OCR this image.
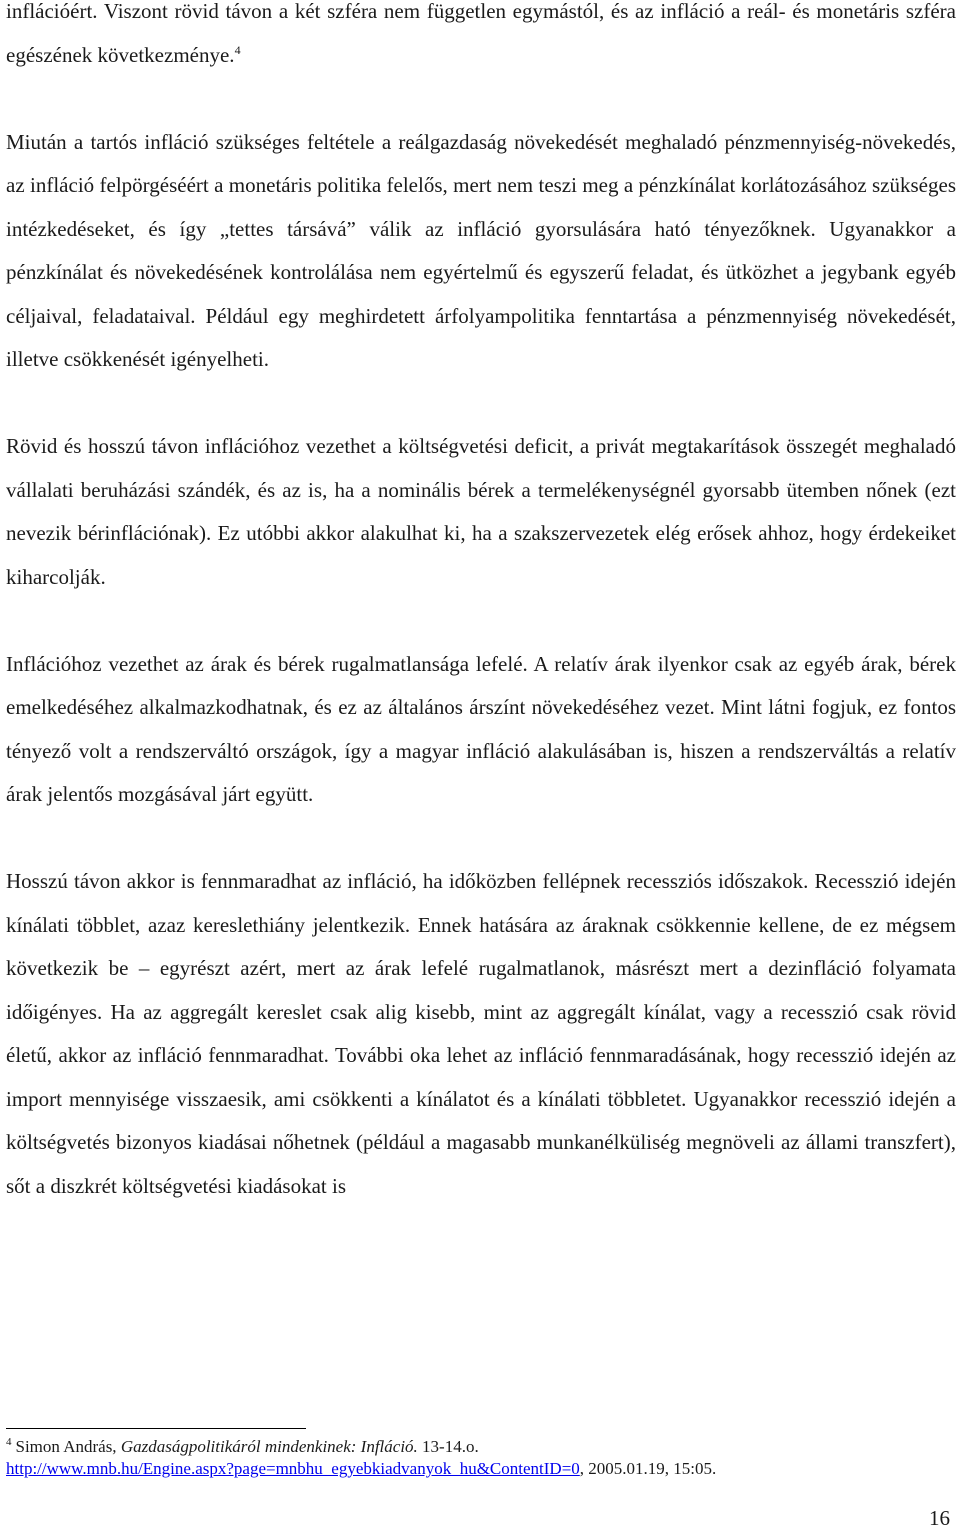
inflációért. Viszont rövid távon a két szféra nem független egymástól, és az infláció a reál- és monetáris szféra egészének következménye.$^4$

Miután a tartós infláció szükséges feltétele a reálgazdaság növekedését meghaladó pénzmennyiség-növekedés, az infláció felpörgéséért a monetáris politika felelős, mert nem teszi meg a pénzkínálat korlátozásához szükséges intézkedéseket, és így „tettes társává” válik az infláció gyorsulására ható tényezőknek. Ugyanakkor a pénzkínálat és növekedésének kontrolálása nem egyértelmű és egyszerű feladat, és ütközhet a jegybank egyéb céljaival, feladataival. Például egy meghirdetett árfolyampolitika fenntartása a pénzmennyiség növekedését, illetve csökkenését igényelheti.

Rövid és hosszú távon inflációhoz vezethet a költségvetési deficit, a privát megtakarítások összegét meghaladó vállalati beruházási szándék, és az is, ha a nominális bérek a termelékenységnél gyorsabb ütemben nőnek (ezt nevezik bérinflációnak). Ez utóbbi akkor alakulhat ki, ha a szakszervezetek elég erősek ahhoz, hogy érdekeiket kiharcolják.

Inflációhoz vezethet az árak és bérek rugalmatlansága lefelé. A relatív árak ilyenkor csak az egyéb árak, bérek emelkedéséhez alkalmazkodhatnak, és ez az általános árszínt növekedéséhez vezet. Mint látni fogjuk, ez fontos tényező volt a rendszerváltó országok, így a magyar infláció alakulásában is, hiszen a rendszerváltás a relatív árak jelentős mozgásával járt együtt.

Hosszú távon akkor is fennmaradhat az infláció, ha időközben fellépnek recessziós időszakok. Recesszió idején kínálati többlet, azaz kereslethiány jelentkezik. Ennek hatására az áraknak csökkennie kellene, de ez mégsem következik be – egyrészt azért, mert az árak lefelé rugalmatlanok, másrészt mert a dezinfláció folyamata időigényes. Ha az aggregált kereslet csak alig kisebb, mint az aggregált kínálat, vagy a recesszió csak rövid életű, akkor az infláció fennmaradhat. További oka lehet az infláció fennmaradásának, hogy recesszió idején az import mennyisége visszaesik, ami csökkenti a kínálatot és a kínálati többletet. Ugyanakkor recesszió idején a költségvetés bizonyos kiadásai nőhetnek (például a magasabb munkanélküliség megnöveli az állami transzfert), sőt a diszkrét költségvetési kiadásokat is

$^4$ Simon András, Gazdaságpolitikáról mindenkinek: Infláció. 13-14.o.
http://www.mnb.hu/Engine.aspx?page=mnbhu_egyebkiadvanyok_hu&ContentID=0, 2005.01.19, 15:05.
16
